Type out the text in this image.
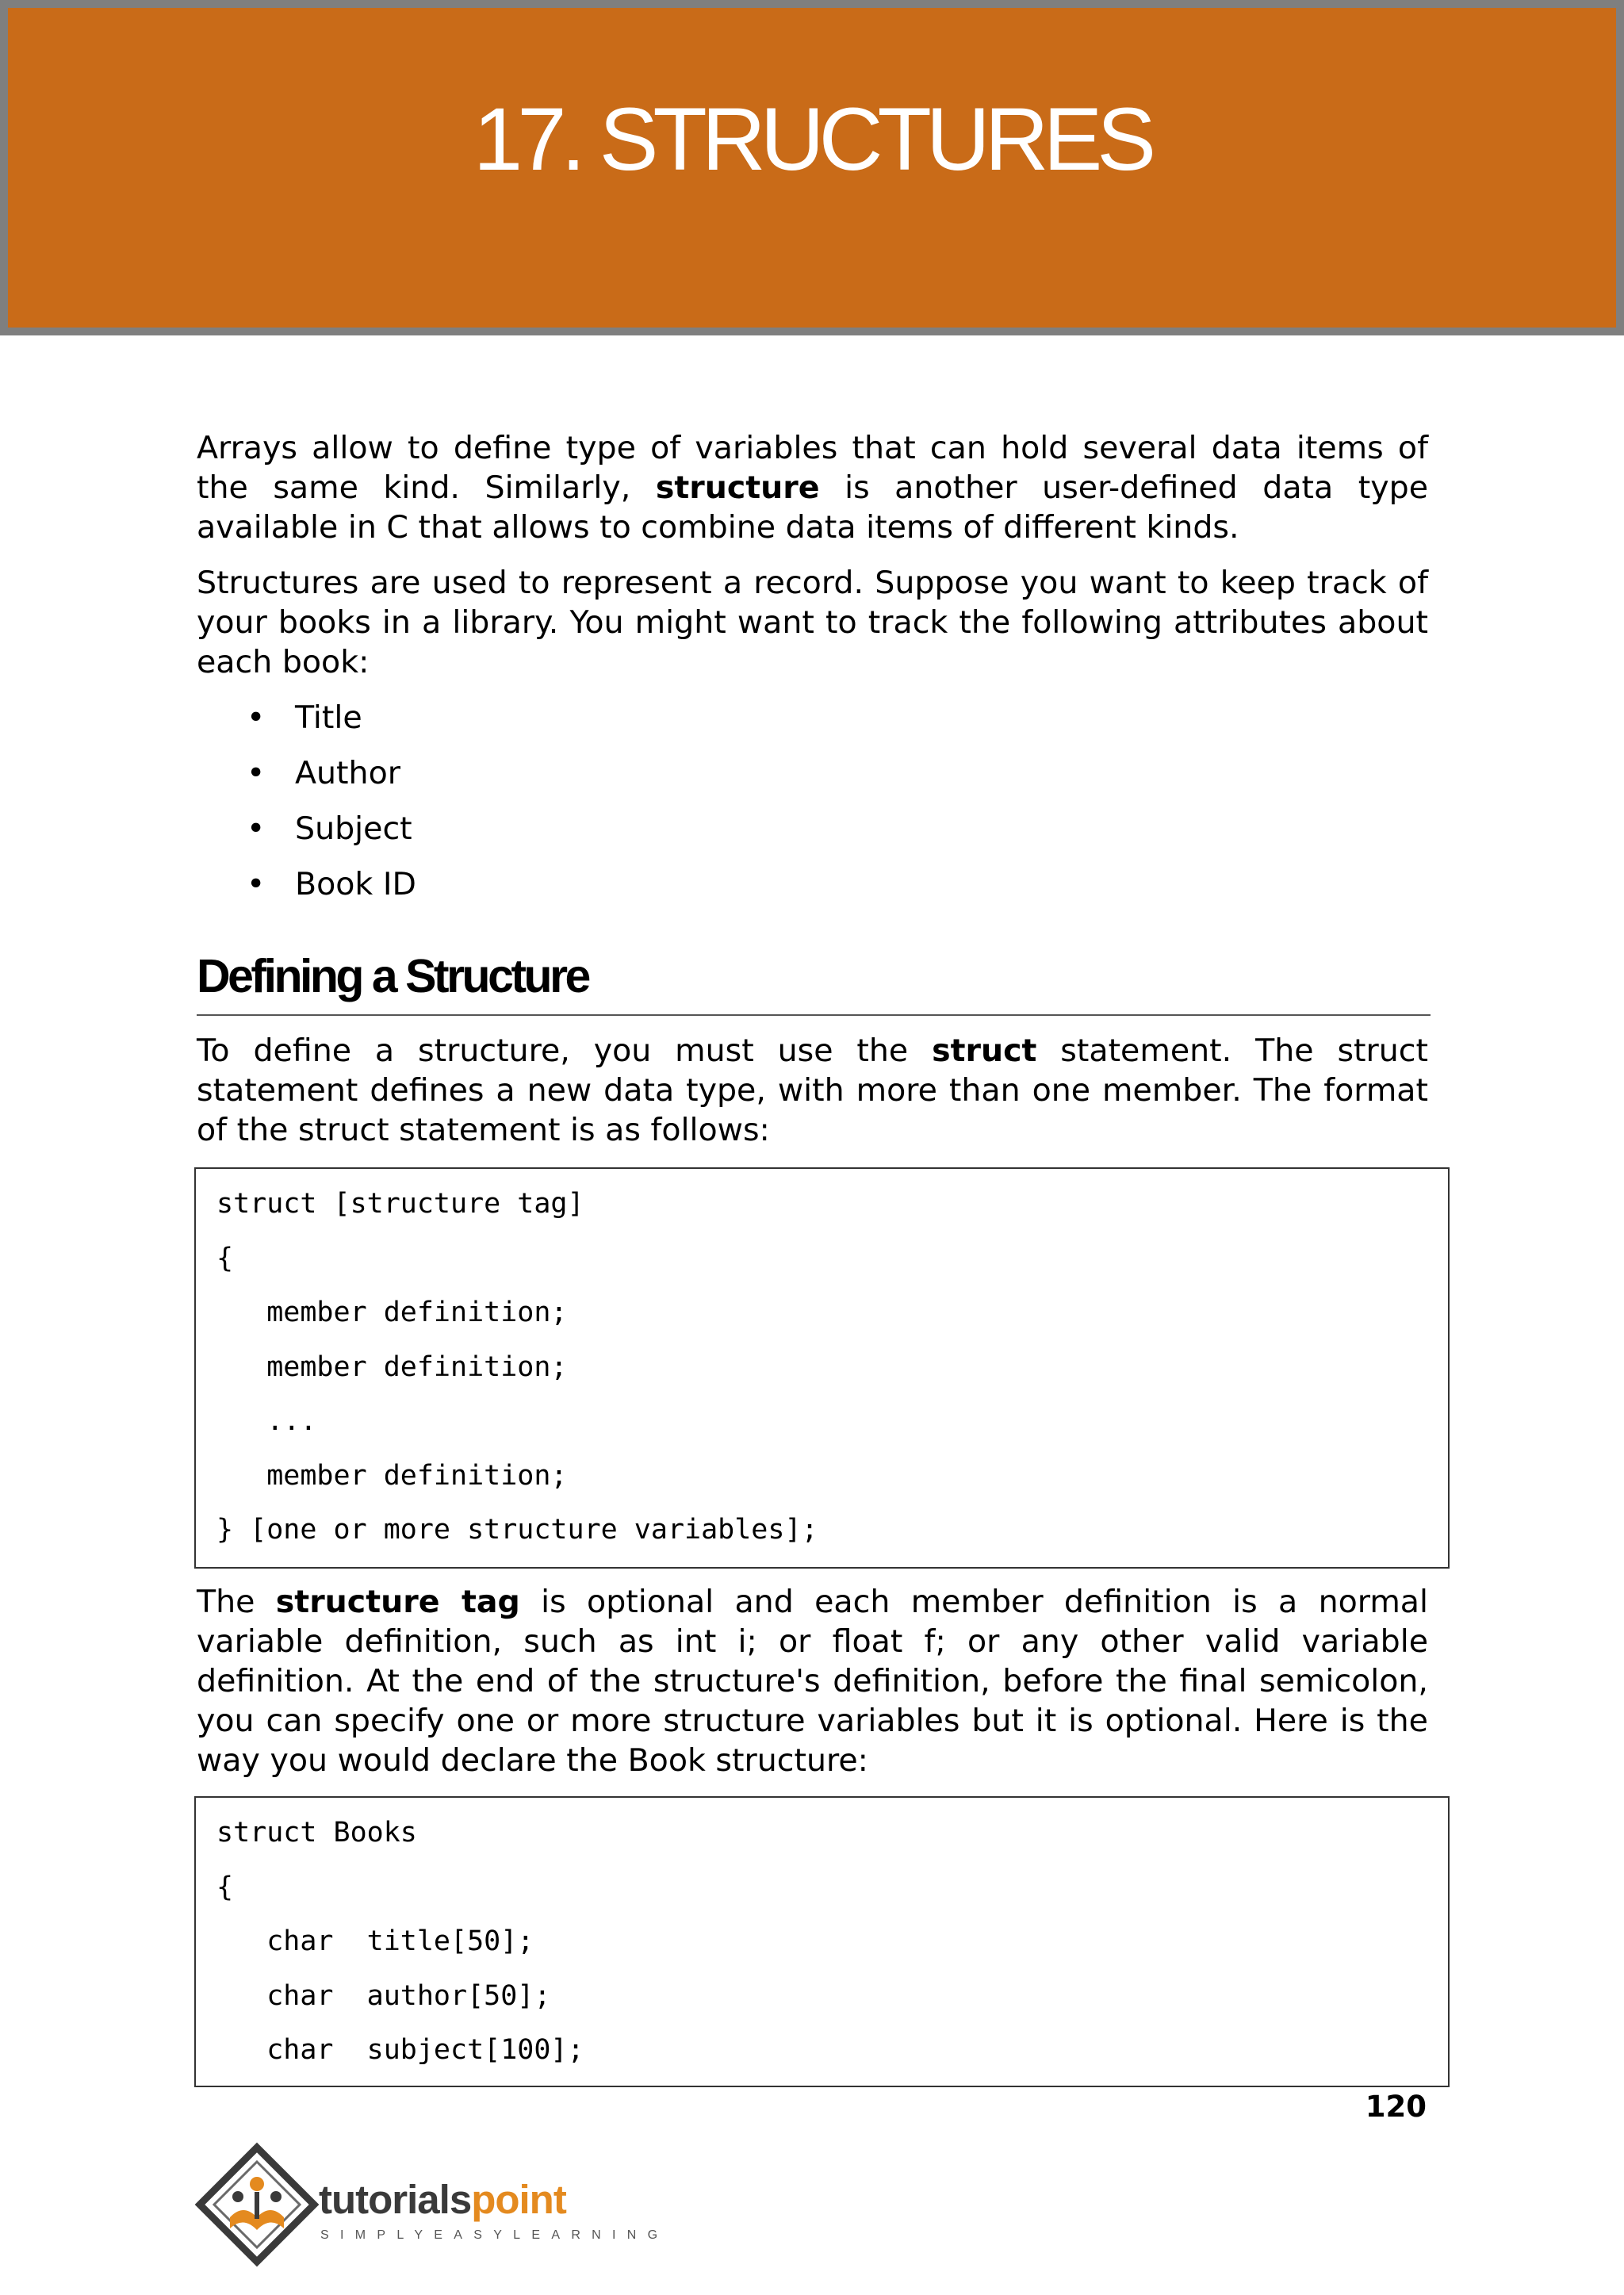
17. STRUCTURES

Arrays allow to define type of variables that can hold several data items of the same kind. Similarly, structure is another user-defined data type available in C that allows to combine data items of different kinds.

Structures are used to represent a record. Suppose you want to keep track of your books in a library. You might want to track the following attributes about each book:

• Title
• Author
• Subject
• Book ID
Defining a Structure

To define a structure, you must use the struct statement. The struct statement defines a new data type, with more than one member. The format of the struct statement is as follows:

struct [structure tag]
{
member definition;
member definition;
...
member definition;
} [one or more structure variables];

The structure tag is optional and each member definition is a normal variable definition, such as int i; or float f; or any other valid variable definition. At the end of the structure's definition, before the final semicolon, you can specify one or more structure variables but it is optional. Here is the way you would declare the Book structure:

struct Books
{
char  title[50];
char  author[50];
char  subject[100];
120
tutorialspoint
SIMPLYEASYLEARNING
